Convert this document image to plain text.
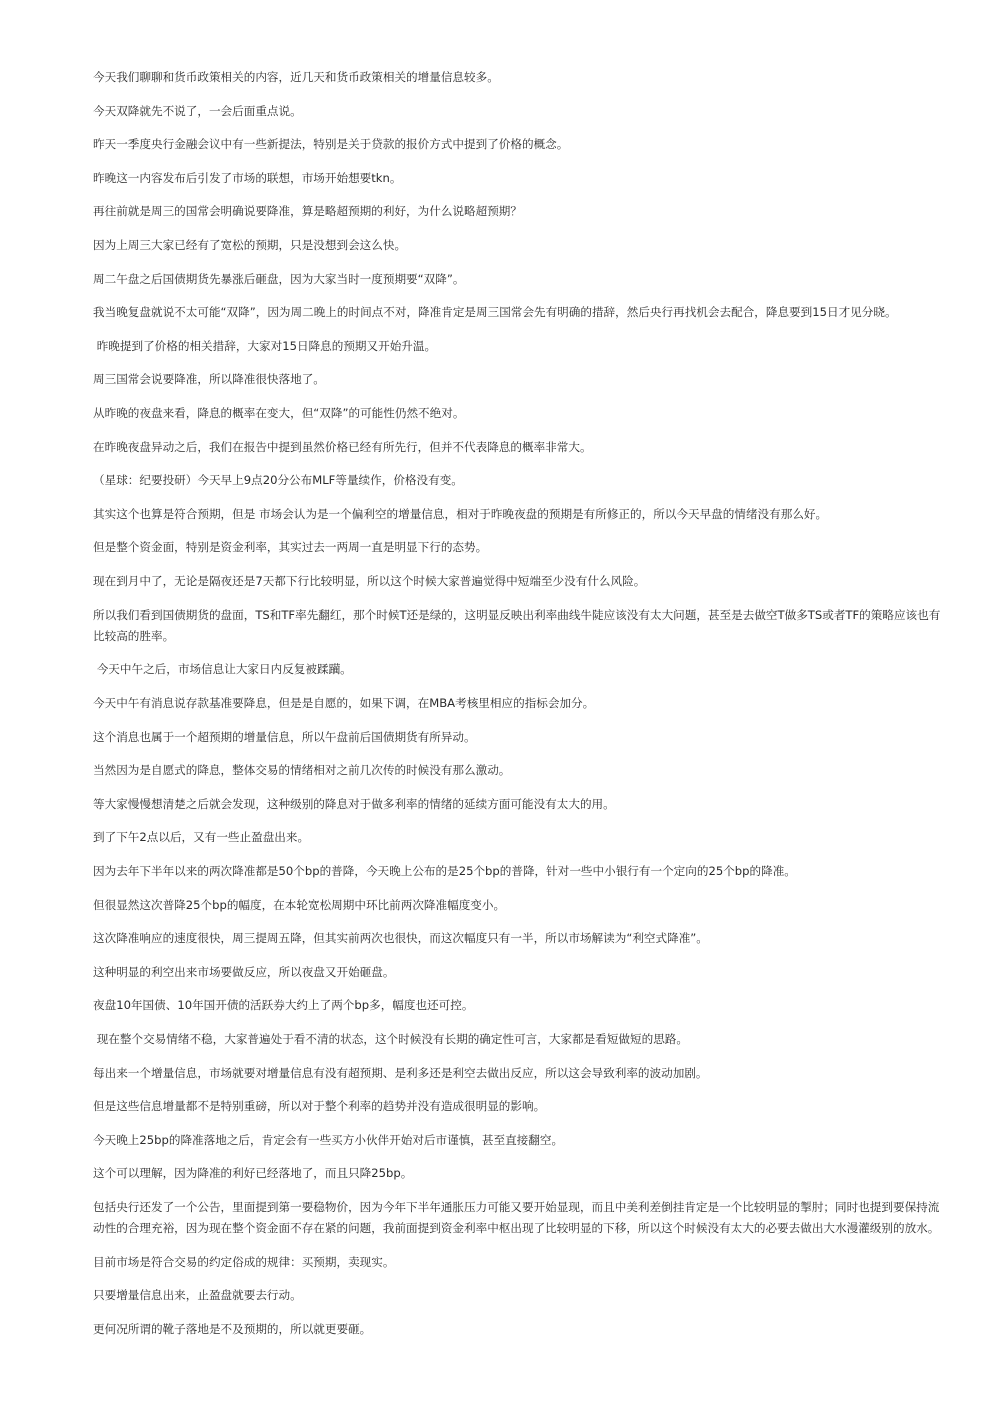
今天我们聊聊和货币政策相关的内容，近几天和货币政策相关的增量信息较多。

今天双降就先不说了，一会后面重点说。

昨天一季度央行金融会议中有一些新提法，特别是关于贷款的报价方式中提到了价格的概念。

昨晚这一内容发布后引发了市场的联想，市场开始想要tkn。

再往前就是周三的国常会明确说要降准，算是略超预期的利好，为什么说略超预期？

因为上周三大家已经有了宽松的预期，只是没想到会这么快。

周二午盘之后国债期货先暴涨后砸盘，因为大家当时一度预期要“双降”。

我当晚复盘就说不太可能“双降”，因为周二晚上的时间点不对，降准肯定是周三国常会先有明确的措辞，然后央行再找机会去配合，降息要到15日才见分晓。

昨晚提到了价格的相关措辞，大家对15日降息的预期又开始升温。

周三国常会说要降准，所以降准很快落地了。

从昨晚的夜盘来看，降息的概率在变大，但“双降”的可能性仍然不绝对。

在昨晚夜盘异动之后，我们在报告中提到虽然价格已经有所先行，但并不代表降息的概率非常大。

（星球：纪要投研）今天早上9点20分公布MLF等量续作，价格没有变。

其实这个也算是符合预期，但是 市场会认为是一个偏利空的增量信息，相对于昨晚夜盘的预期是有所修正的，所以今天早盘的情绪没有那么好。

但是整个资金面，特别是资金利率，其实过去一两周一直是明显下行的态势。

现在到月中了，无论是隔夜还是7天都下行比较明显，所以这个时候大家普遍觉得中短端至少没有什么风险。

所以我们看到国债期货的盘面，TS和TF率先翻红，那个时候T还是绿的，这明显反映出利率曲线牛陡应该没有太大问题，甚至是去做空T做多TS或者TF的策略应该也有比较高的胜率。

今天中午之后，市场信息让大家日内反复被蹂躏。

今天中午有消息说存款基准要降息，但是是自愿的，如果下调，在MBA考核里相应的指标会加分。

这个消息也属于一个超预期的增量信息，所以午盘前后国债期货有所异动。

当然因为是自愿式的降息，整体交易的情绪相对之前几次传的时候没有那么激动。

等大家慢慢想清楚之后就会发现，这种级别的降息对于做多利率的情绪的延续方面可能没有太大的用。

到了下午2点以后，又有一些止盈盘出来。

因为去年下半年以来的两次降准都是50个bp的普降，今天晚上公布的是25个bp的普降，针对一些中小银行有一个定向的25个bp的降准。

但很显然这次普降25个bp的幅度，在本轮宽松周期中环比前两次降准幅度变小。

这次降准响应的速度很快，周三提周五降，但其实前两次也很快，而这次幅度只有一半，所以市场解读为“利空式降准”。

这种明显的利空出来市场要做反应，所以夜盘又开始砸盘。

夜盘10年国债、10年国开债的活跃券大约上了两个bp多，幅度也还可控。

现在整个交易情绪不稳，大家普遍处于看不清的状态，这个时候没有长期的确定性可言，大家都是看短做短的思路。

每出来一个增量信息，市场就要对增量信息有没有超预期、是利多还是利空去做出反应，所以这会导致利率的波动加剧。

但是这些信息增量都不是特别重磅，所以对于整个利率的趋势并没有造成很明显的影响。

今天晚上25bp的降准落地之后，肯定会有一些买方小伙伴开始对后市谨慎，甚至直接翻空。

这个可以理解，因为降准的利好已经落地了，而且只降25bp。

包括央行还发了一个公告，里面提到第一要稳物价，因为今年下半年通胀压力可能又要开始显现，而且中美利差倒挂肯定是一个比较明显的掣肘；同时也提到要保持流动性的合理充裕，因为现在整个资金面不存在紧的问题，我前面提到资金利率中枢出现了比较明显的下移，所以这个时候没有太大的必要去做出大水漫灌级别的放水。

目前市场是符合交易的约定俗成的规律：买预期，卖现实。

只要增量信息出来，止盈盘就要去行动。

更何况所谓的靴子落地是不及预期的，所以就更要砸。
